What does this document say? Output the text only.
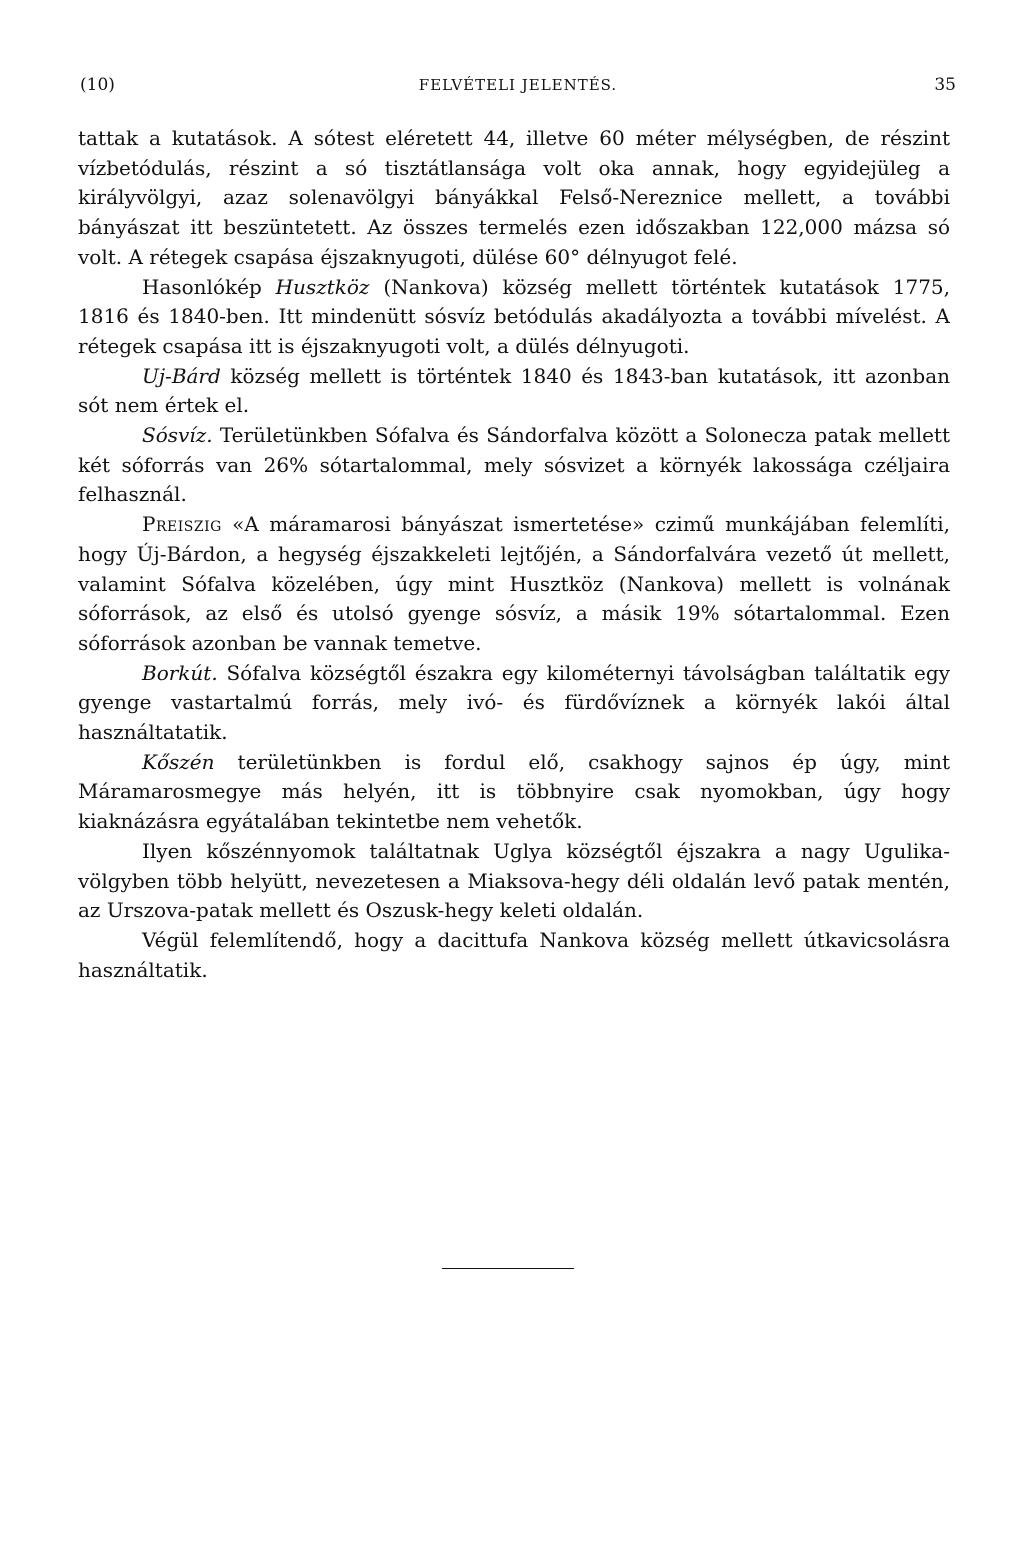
(10)	FELVÉTELI JELENTÉS.	35

tattak a kutatások. A sótest eléretett 44, illetve 60 méter mélységben, de részint vízbetódulás, részint a só tisztátlansága volt oka annak, hogy egyidejüleg a királyvölgyi, azaz solenavölgyi bányákkal Felső-Nereznice mellett, a további bányászat itt beszüntetett. Az összes termelés ezen időszakban 122,000 mázsa só volt. A rétegek csapása éjszaknyugoti, dülése 60° délnyugot felé.

Hasonlókép Husztköz (Nankova) község mellett történtek kutatások 1775, 1816 és 1840-ben. Itt mindenütt sósvíz betódulás akadályozta a további mívelést. A rétegek csapása itt is éjszaknyugoti volt, a dülés délnyugoti.

Uj-Bárd község mellett is történtek 1840 és 1843-ban kutatások, itt azonban sót nem értek el.

Sósvíz. Területünkben Sófalva és Sándorfalva között a Solonecza patak mellett két sóforrás van 26% sótartalommal, mely sósvizet a környék lakossága czéljaira felhasznál.

Preiszig «A máramarosi bányászat ismertetése» czimű munkájában felemlíti, hogy Új-Bárdon, a hegység éjszakkeleti lejtőjén, a Sándorfalvára vezető út mellett, valamint Sófalva közelében, úgy mint Husztköz (Nankova) mellett is volnának sóforrások, az első és utolsó gyenge sósvíz, a másik 19% sótartalommal. Ezen sóforrások azonban be vannak temetve.

Borkút. Sófalva községtől északra egy kilométernyi távolságban találtatik egy gyenge vastartalmú forrás, mely ivó- és fürdővíznek a környék lakói által használtatatik.

Kőszén területünkben is fordul elő, csakhogy sajnos ép úgy, mint Máramarosmegye más helyén, itt is többnyire csak nyomokban, úgy hogy kiaknázásra egyátalában tekintetbe nem vehetők.

Ilyen kőszénnyomok találtatnak Uglya községtől éjszakra a nagy Ugulika-völgyben több helyütt, nevezetesen a Miaksova-hegy déli oldalán levő patak mentén, az Urszova-patak mellett és Oszusk-hegy keleti oldalán.

Végül felemlítendő, hogy a dacittufa Nankova község mellett útkavicsolásra használtatik.
